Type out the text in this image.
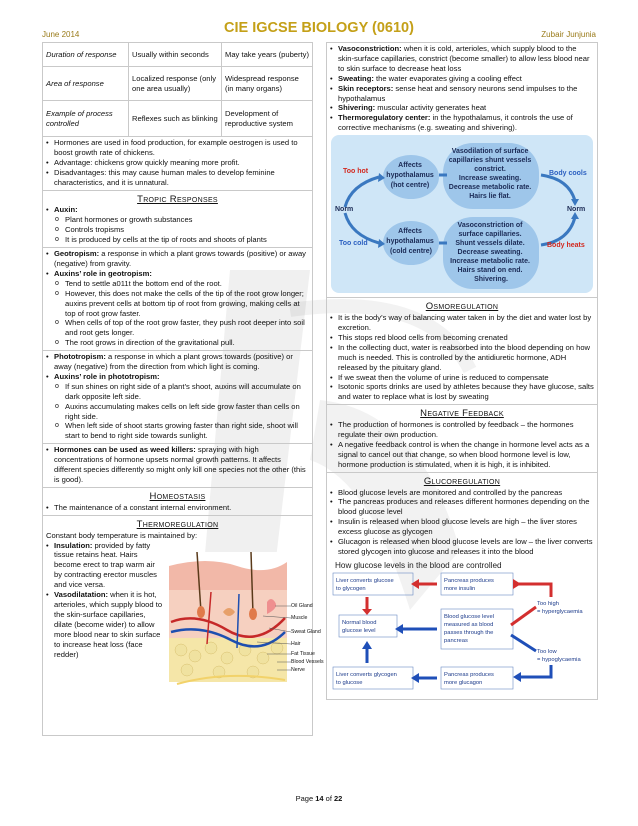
June 2014	CIE IGCSE BIOLOGY (0610)	Zubair Junjunia
Duration of response	Usually within seconds	May take years (puberty)
Area of response	Localized response (only one area usually)	Widespread response (in many organs)
Example of process controlled	Reflexes such as blinking	Development of reproductive system
• Hormones are used in food production, for example oestrogen is used to boost growth rate of chickens.
• Advantage: chickens grow quickly meaning more profit.
• Disadvantages: this may cause human males to develop feminine characteristics, and it is unnatural.
Tropic Responses
• Auxin:
o Plant hormones or growth substances
o Controls tropisms
o It is produced by cells at the tip of roots and shoots of plants
• Geotropism: a response in which a plant grows towards (positive) or away (negative) from gravity.
• Auxins’ role in geotropism:
o Tend to settle a011t the bottom end of the root.
o However, this does not make the cells of the tip of the root grow longer; auxins prevent cells at bottom tip of root from growing, making cells at top of root grow faster.
o When cells of top of the root grow faster, they push root deeper into soil and root gets longer.
o The root grows in direction of the gravitational pull.
• Phototropism: a response in which a plant grows towards (positive) or away (negative) from the direction from which light is coming.
• Auxins’ role in phototropism:
o If sun shines on right side of a plant’s shoot, auxins will accumulate on dark opposite left side.
o Auxins accumulating makes cells on left side grow faster than cells on right side.
o When left side of shoot starts growing faster than right side, shoot will start to bend to right side towards sunlight.
• Hormones can be used as weed killers: spraying with high concentrations of hormone upsets normal growth patterns. It affects different species differently so might only kill one species not the other (this is good).
Homeostasis
• The maintenance of a constant internal environment.
Thermoregulation
Constant body temperature is maintained by:
• Insulation: provided by fatty tissue retains heat. Hairs become erect to trap warm air by contracting erector muscles and vice versa.
• Vasodilatation: when it is hot, arterioles, which supply blood to the skin-surface capillaries, dilate (become wider) to allow more blood near to skin surface to increase heat loss (face redder)
Oil Gland
Muscle
Sweat Gland
Hair
Fat Tissue
Blood Vessels
Nerve
• Vasoconstriction: when it is cold, arterioles, which supply blood to the skin-surface capillaries, constrict (become smaller) to allow less blood near to skin surface to decrease heat loss
• Sweating: the water evaporates giving a cooling effect
• Skin receptors: sense heat and sensory neurons send impulses to the hypothalamus
• Shivering: muscular activity generates heat
• Thermoregulatory center: in the hypothalamus, it controls the use of corrective mechanisms (e.g. sweating and shivering).
Too hot
Norm
Too cold
Affects hypothalamus (hot centre) Affects hypothalamus (cold centre)
Vasodilation of surface capillaries shunt vessels constrict. Increase sweating. Decrease metabolic rate. Hairs lie flat. Vasoconstriction of surface capillaries. Shunt vessels dilate. Decrease sweating. Increase metabolic rate. Hairs stand on end. Shivering.
Body cools
Norm
Body heats
Osmoregulation
• It is the body’s way of balancing water taken in by the diet and water lost by excretion.
• This stops red blood cells from becoming crenated
• In the collecting duct, water is reabsorbed into the blood depending on how much is needed. This is controlled by the antidiuretic hormone, ADH released by the pituitary gland.
• If we sweat then the volume of urine is reduced to compensate
• Isotonic sports drinks are used by athletes because they have glucose, salts and water to replace what is lost by sweating
Negative Feedback
• The production of hormones is controlled by feedback – the hormones regulate their own production.
• A negative feedback control is when the change in hormone level acts as a signal to cancel out that change, so when blood hormone level is low, hormone production is stimulated, when it is high, it is inhibited.
Glucoregulation
• Blood glucose levels are monitored and controlled by the pancreas
• The pancreas produces and releases different hormones depending on the blood glucose level
• Insulin is released when blood glucose levels are high – the liver stores excess glucose as glycogen
• Glucagon is released when blood glucose levels are low – the liver converts stored glycogen into glucose and releases it into the blood
How glucose levels in the blood are controlled
Liver converts glucose to glycogen Pancreas produces more insulin Too high = hyperglycaemia Normal blood glucose level Blood glucose level measured as blood passes through the pancreas Too low = hypoglycaemia Liver converts glycogen to glucose Pancreas produces more glucagon
Page 14 of 22
